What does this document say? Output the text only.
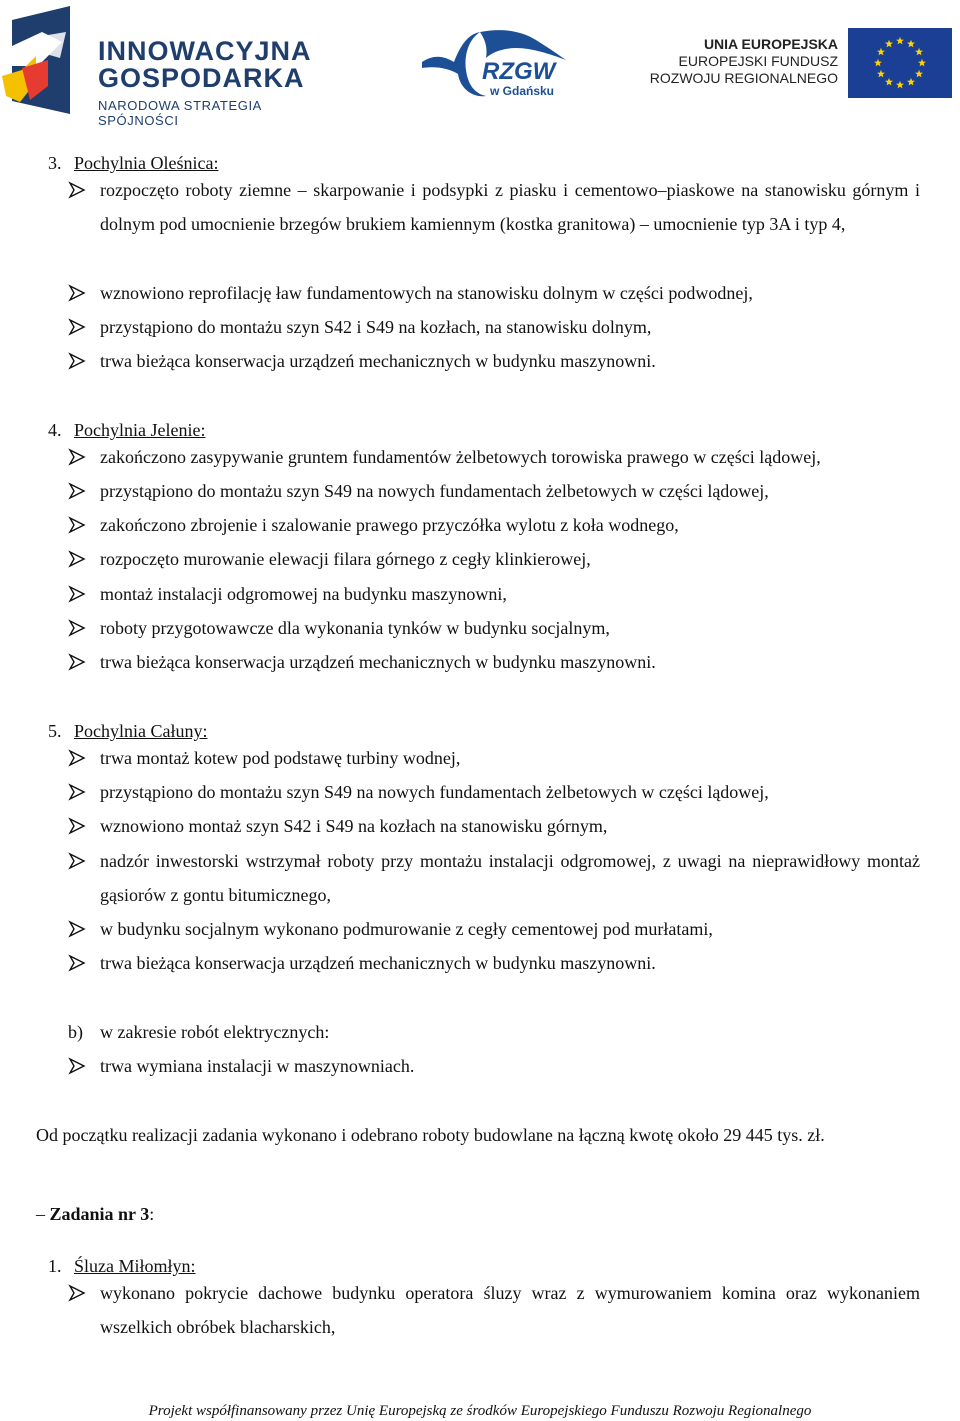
INNOWACYJNA
GOSPODARKA
NARODOWA STRATEGIA SPÓJNOŚCI
RZGW
w Gdańsku
UNIA EUROPEJSKA
EUROPEJSKI FUNDUSZ
ROZWOJU REGIONALNEGO
3. Pochylnia Oleśnica:
rozpoczęto roboty ziemne – skarpowanie i podsypki z piasku i cementowo–piaskowe na stanowisku górnym i dolnym pod umocnienie brzegów brukiem kamiennym (kostka granitowa) – umocnienie typ 3A i typ 4,
wznowiono reprofilację ław fundamentowych na stanowisku dolnym w części podwodnej,
przystąpiono do montażu szyn S42 i S49 na kozłach, na stanowisku dolnym,
trwa bieżąca konserwacja urządzeń mechanicznych w budynku maszynowni.
4. Pochylnia Jelenie:
zakończono zasypywanie gruntem fundamentów żelbetowych torowiska prawego w części lądowej,
przystąpiono do montażu szyn S49 na nowych fundamentach żelbetowych w części lądowej,
zakończono zbrojenie i szalowanie prawego przyczółka wylotu z koła wodnego,
rozpoczęto murowanie elewacji filara górnego z cegły klinkierowej,
montaż instalacji odgromowej na budynku maszynowni,
roboty przygotowawcze dla wykonania tynków w budynku socjalnym,
trwa bieżąca konserwacja urządzeń mechanicznych w budynku maszynowni.
5. Pochylnia Całuny:
trwa montaż kotew pod podstawę turbiny wodnej,
przystąpiono do montażu szyn S49 na nowych fundamentach żelbetowych w części lądowej,
wznowiono montaż szyn S42 i S49 na kozłach na stanowisku górnym,
nadzór inwestorski wstrzymał roboty przy montażu instalacji odgromowej, z uwagi na nieprawidłowy montaż gąsiorów z gontu bitumicznego,
w budynku socjalnym wykonano podmurowanie z cegły cementowej pod murłatami,
trwa bieżąca konserwacja urządzeń mechanicznych w budynku maszynowni.
b) w zakresie robót elektrycznych:
trwa wymiana instalacji w maszynowniach.
Od początku realizacji zadania wykonano i odebrano roboty budowlane na łączną kwotę około 29 445 tys. zł.
– Zadania nr 3:
1. Śluza Miłomłyn:
wykonano pokrycie dachowe budynku operatora śluzy wraz z wymurowaniem komina oraz wykonaniem wszelkich obróbek blacharskich,
Projekt współfinansowany przez Unię Europejską ze środków Europejskiego Funduszu Rozwoju Regionalnego
